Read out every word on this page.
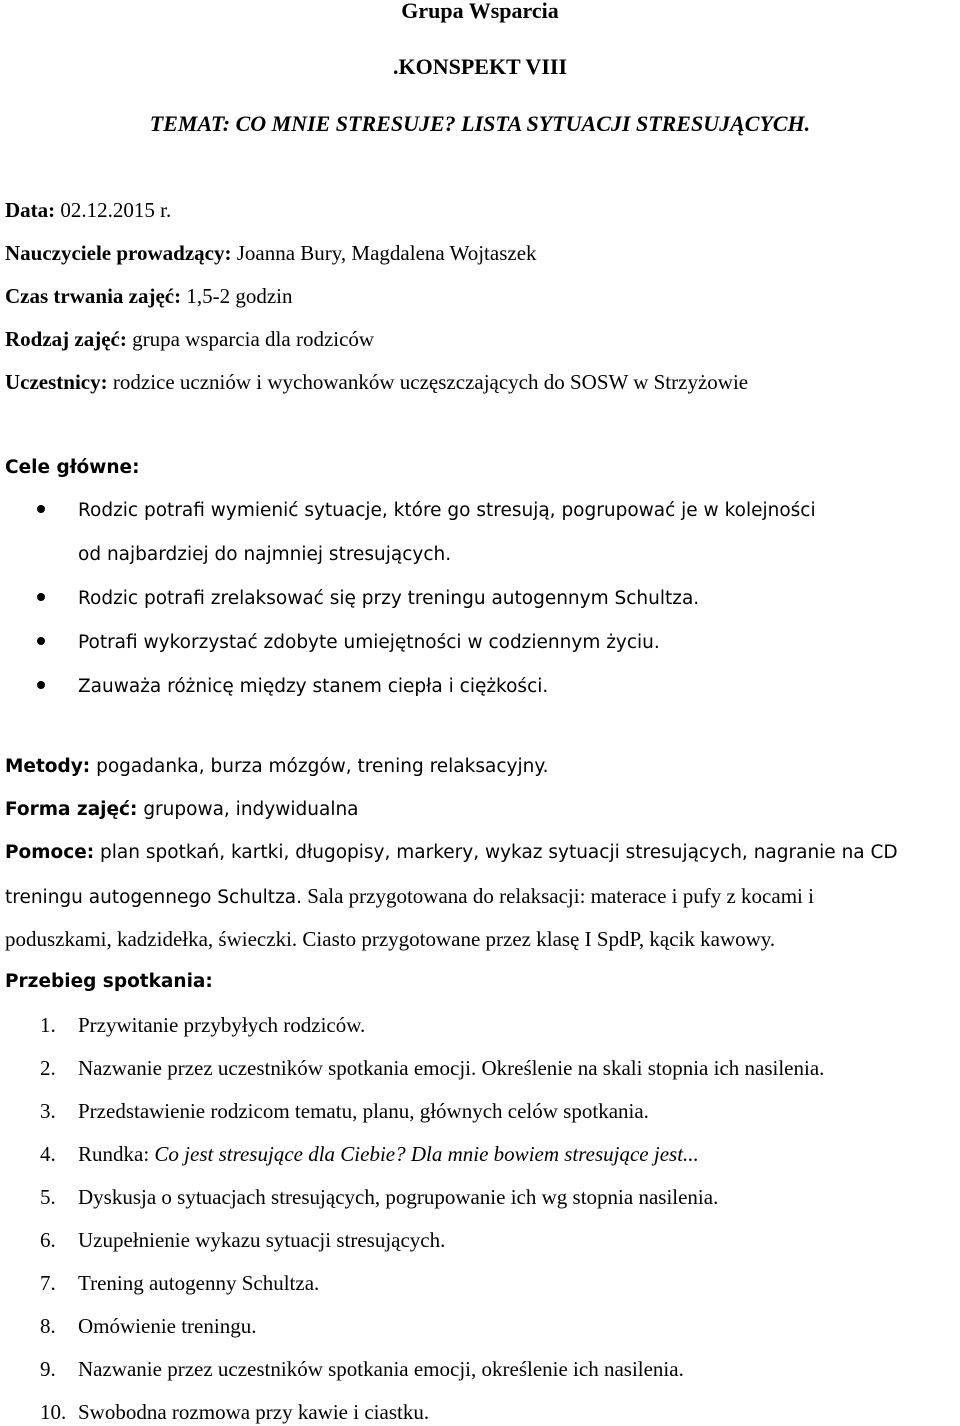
Grupa Wsparcia
.KONSPEKT VIII
TEMAT: CO MNIE STRESUJE? LISTA SYTUACJI STRESUJĄCYCH.
Data: 02.12.2015 r.
Nauczyciele prowadzący: Joanna Bury, Magdalena Wojtaszek
Czas trwania zajęć: 1,5-2 godzin
Rodzaj zajęć: grupa wsparcia dla rodziców
Uczestnicy: rodzice uczniów i wychowanków uczęszczających do SOSW w Strzyżowie
Cele główne:
Rodzic potrafi wymienić sytuacje, które go stresują, pogrupować je w kolejności
od najbardziej do najmniej stresujących.
Rodzic potrafi zrelaksować się przy treningu autogennym Schultza.
Potrafi wykorzystać zdobyte umiejętności w codziennym życiu.
Zauważa różnicę między stanem ciepła i ciężkości.
Metody: pogadanka, burza mózgów, trening relaksacyjny.
Forma zajęć: grupowa, indywidualna
Pomoce: plan spotkań, kartki, długopisy, markery, wykaz sytuacji stresujących, nagranie na CD
treningu autogennego Schultza. Sala przygotowana do relaksacji: materace i pufy z kocami i
poduszkami, kadzidełka, świeczki. Ciasto przygotowane przez klasę I SpdP, kącik kawowy.
Przebieg spotkania:
1. Przywitanie przybyłych rodziców.
2. Nazwanie przez uczestników spotkania emocji. Określenie na skali stopnia ich nasilenia.
3. Przedstawienie rodzicom tematu, planu, głównych celów spotkania.
4. Rundka: Co jest stresujące dla Ciebie? Dla mnie bowiem stresujące jest...
5. Dyskusja o sytuacjach stresujących, pogrupowanie ich wg stopnia nasilenia.
6. Uzupełnienie wykazu sytuacji stresujących.
7. Trening autogenny Schultza.
8. Omówienie treningu.
9. Nazwanie przez uczestników spotkania emocji, określenie ich nasilenia.
10. Swobodna rozmowa przy kawie i ciastku.
